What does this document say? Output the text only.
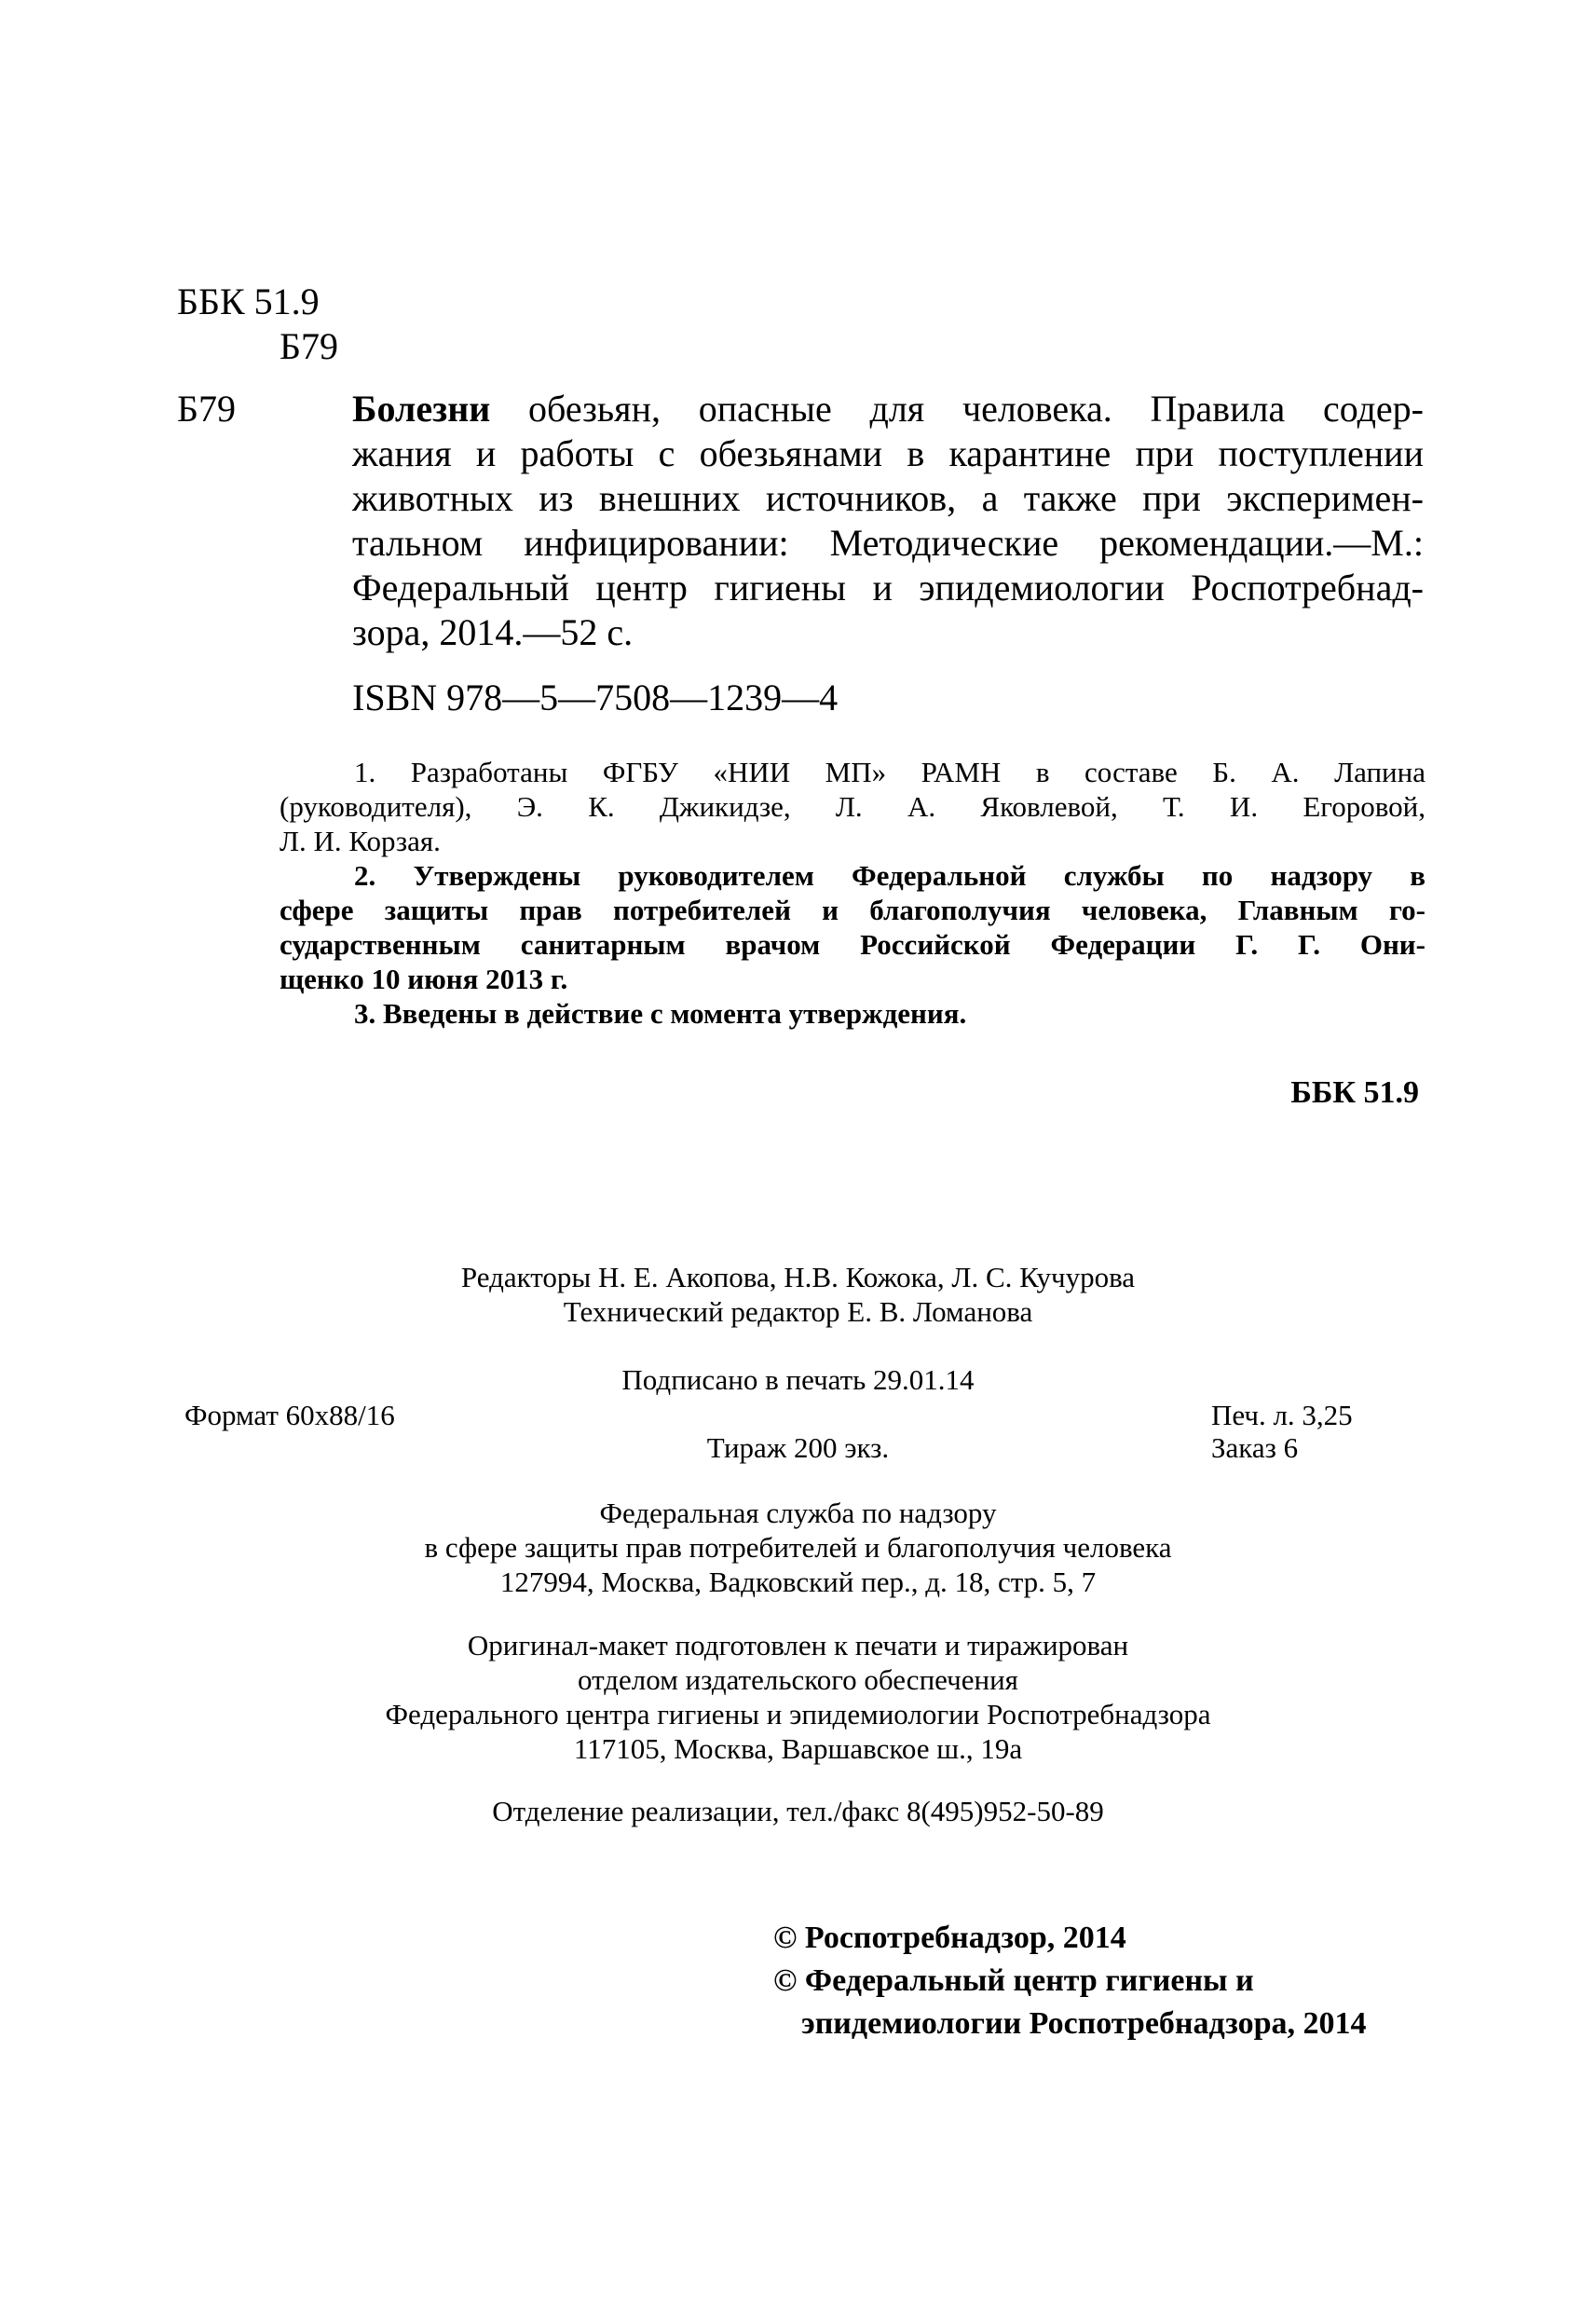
ББК 51.9
Б79
Б79	Болезни обезьян, опасные для человека. Правила содер-
жания и работы с обезьянами в карантине при поступлении
животных из внешних источников, а также при эксперимен-
тальном инфицировании: Методические рекомендации.—М.:
Федеральный центр гигиены и эпидемиологии Роспотребнад-
зора, 2014.—52 с.
ISBN 978—5—7508—1239—4
1. Разработаны ФГБУ «НИИ МП» РАМН в составе Б. А. Лапина
(руководителя), Э. К. Джикидзе, Л. А. Яковлевой, Т. И. Егоровой,
Л. И. Корзая.
2. Утверждены руководителем Федеральной службы по надзору в
сфере защиты прав потребителей и благополучия человека, Главным го-
сударственным санитарным врачом Российской Федерации Г. Г. Oни-
щенко 10 июня 2013 г.
3. Введены в действие с момента утверждения.
ББК 51.9
Редакторы Н. Е. Акопова, Н.В. Кожока, Л. С. Кучурова
Технический редактор Е. В. Ломанова
Подписано в печать 29.01.14
Формат 60x88/16	Печ. л. 3,25
Тираж 200 экз.	Заказ 6
Федеральная служба по надзору
в сфере защиты прав потребителей и благополучия человека
127994, Москва, Вадковский пер., д. 18, стр. 5, 7
Оригинал-макет подготовлен к печати и тиражирован
отделом издательского обеспечения
Федерального центра гигиены и эпидемиологии Роспотребнадзора
117105, Москва, Варшавское ш., 19а
Отделение реализации, тел./факс 8(495)952-50-89
© Роспотребнадзор, 2014
© Федеральный центр гигиены и
эпидемиологии Роспотребнадзора, 2014
